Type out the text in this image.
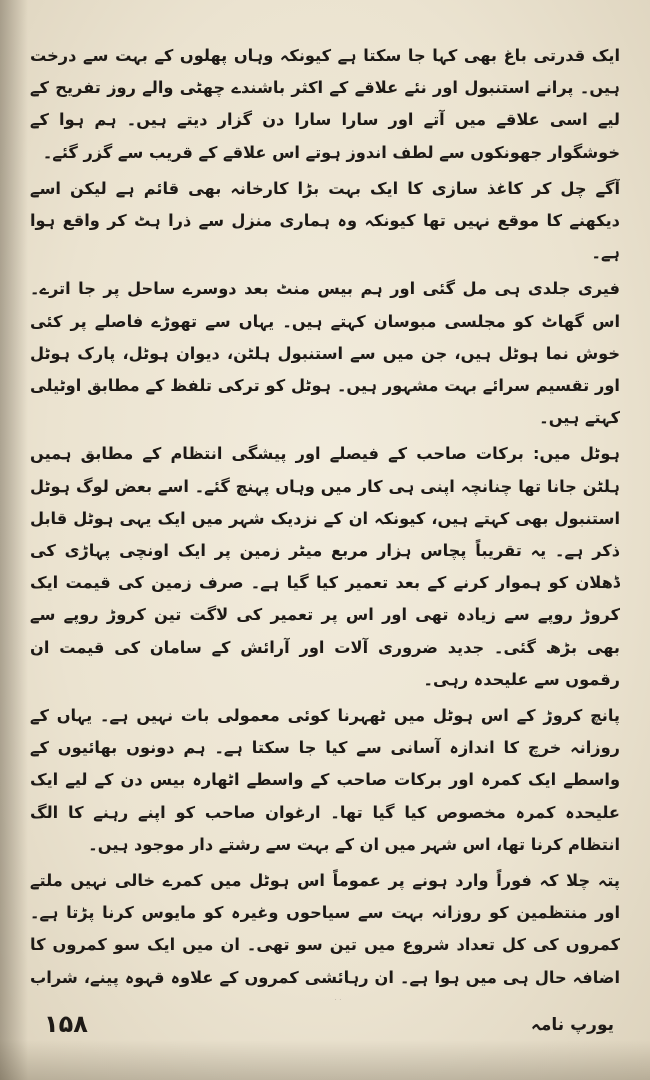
ایک قدرتی باغ بھی کہا جا سکتا ہے کیونکہ وہاں پھلوں کے بہت سے درخت ہیں۔ پرانے استنبول اور نئے علاقے کے اکثر باشندے چھٹی والے روز تفریح کے لیے اسی علاقے میں آتے اور سارا سارا دن گزار دیتے ہیں۔ ہم ہوا کے خوشگوار جھونکوں سے لطف اندوز ہوتے اس علاقے کے قریب سے گزر گئے۔

آگے چل کر کاغذ سازی کا ایک بہت بڑا کارخانہ بھی قائم ہے لیکن اسے دیکھنے کا موقع نہیں تھا کیونکہ وہ ہماری منزل سے ذرا ہٹ کر واقع ہوا ہے۔

فیری جلدی ہی مل گئی اور ہم بیس منٹ بعد دوسرے ساحل پر جا اترے۔ اس گھاٹ کو مجلسی مبوسان کہتے ہیں۔ یہاں سے تھوڑے فاصلے پر کئی خوش نما ہوٹل ہیں، جن میں سے استنبول ہلٹن، دیوان ہوٹل، پارک ہوٹل اور تقسیم سرائے بہت مشہور ہیں۔ ہوٹل کو ترکی تلفظ کے مطابق اوٹیلی کہتے ہیں۔

ہوٹل میں: برکات صاحب کے فیصلے اور پیشگی انتظام کے مطابق ہمیں ہلٹن جانا تھا چنانچہ اپنی ہی کار میں وہاں پہنچ گئے۔ اسے بعض لوگ ہوٹل استنبول بھی کہتے ہیں، کیونکہ ان کے نزدیک شہر میں ایک یہی ہوٹل قابل ذکر ہے۔ یہ تقریباً پچاس ہزار مربع میٹر زمین پر ایک اونچی پہاڑی کی ڈھلان کو ہموار کرنے کے بعد تعمیر کیا گیا ہے۔ صرف زمین کی قیمت ایک کروڑ روپے سے زیادہ تھی اور اس پر تعمیر کی لاگت تین کروڑ روپے سے بھی بڑھ گئی۔ جدید ضروری آلات اور آرائش کے سامان کی قیمت ان رقموں سے علیحدہ رہی۔

پانچ کروڑ کے اس ہوٹل میں ٹھہرنا کوئی معمولی بات نہیں ہے۔ یہاں کے روزانہ خرچ کا اندازہ آسانی سے کیا جا سکتا ہے۔ ہم دونوں بھائیوں کے واسطے ایک کمرہ اور برکات صاحب کے واسطے اٹھارہ بیس دن کے لیے ایک علیحدہ کمرہ مخصوص کیا گیا تھا۔ ارغوان صاحب کو اپنے رہنے کا الگ انتظام کرنا تھا، اس شہر میں ان کے بہت سے رشتے دار موجود ہیں۔

پتہ چلا کہ فوراً وارد ہونے پر عموماً اس ہوٹل میں کمرے خالی نہیں ملتے اور منتظمین کو روزانہ بہت سے سیاحوں وغیرہ کو مایوس کرنا پڑتا ہے۔ کمروں کی کل تعداد شروع میں تین سو تھی۔ ان میں ایک سو کمروں کا اضافہ حال ہی میں ہوا ہے۔ ان رہائشی کمروں کے علاوہ قہوہ پینے، شراب

۱۵۸	یورپ نامہ
